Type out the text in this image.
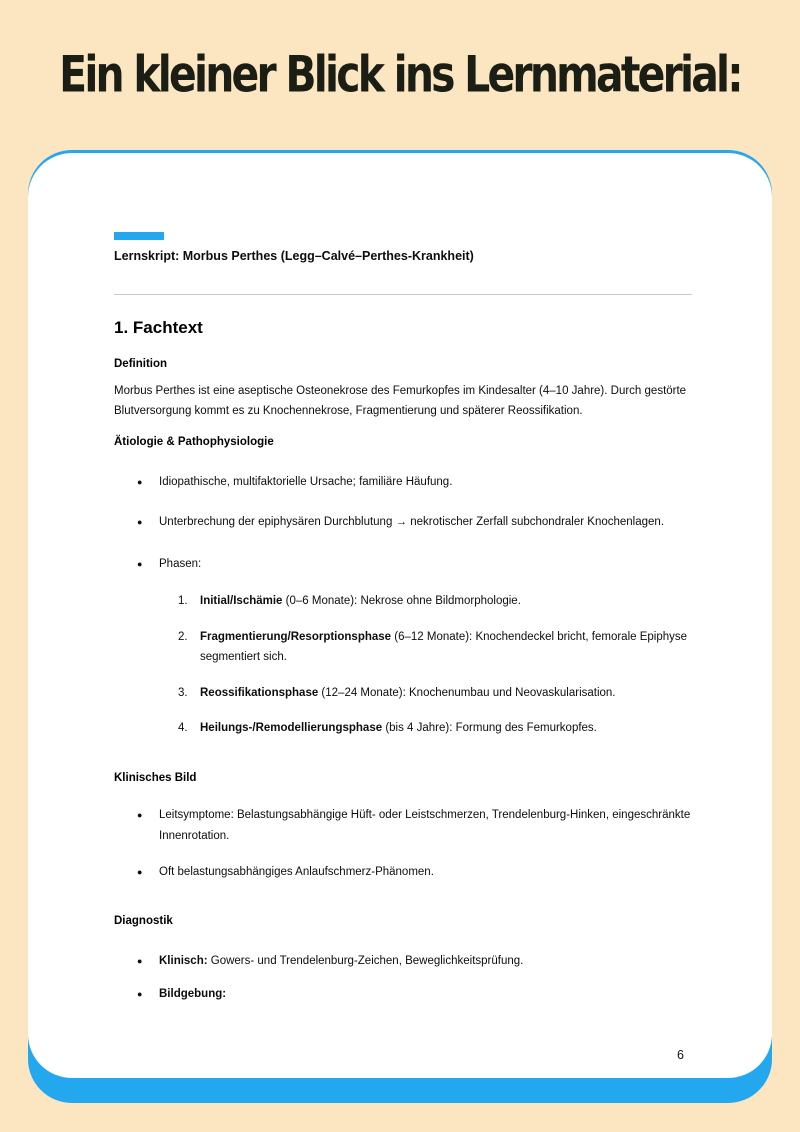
Ein kleiner Blick ins Lernmaterial:
Lernskript: Morbus Perthes (Legg–Calvé–Perthes-Krankheit)
1. Fachtext
Definition

Morbus Perthes ist eine aseptische Osteonekrose des Femurkopfes im Kindesalter (4–10 Jahre). Durch gestörte Blutversorgung kommt es zu Knochennekrose, Fragmentierung und späterer Reossifikation.

Ätiologie & Pathophysiologie
●	Idiopathische, multifaktorielle Ursache; familiäre Häufung.
●	Unterbrechung der epiphysären Durchblutung → nekrotischer Zerfall subchondraler Knochenlagen.
●	Phasen:
1.	Initial/Ischämie (0–6 Monate): Nekrose ohne Bildmorphologie.
2.	Fragmentierung/Resorptionsphase (6–12 Monate): Knochendeckel bricht, femorale Epiphyse segmentiert sich.
3.	Reossifikationsphase (12–24 Monate): Knochenumbau und Neovaskularisation.
4.	Heilungs-/Remodellierungsphase (bis 4 Jahre): Formung des Femurkopfes.
Klinisches Bild
●	Leitsymptome: Belastungsabhängige Hüft- oder Leistschmerzen, Trendelenburg-Hinken, eingeschränkte Innenrotation.
●	Oft belastungsabhängiges Anlaufschmerz-Phänomen.
Diagnostik
●	Klinisch: Gowers- und Trendelenburg-Zeichen, Beweglichkeitsprüfung.
●	Bildgebung:
6
